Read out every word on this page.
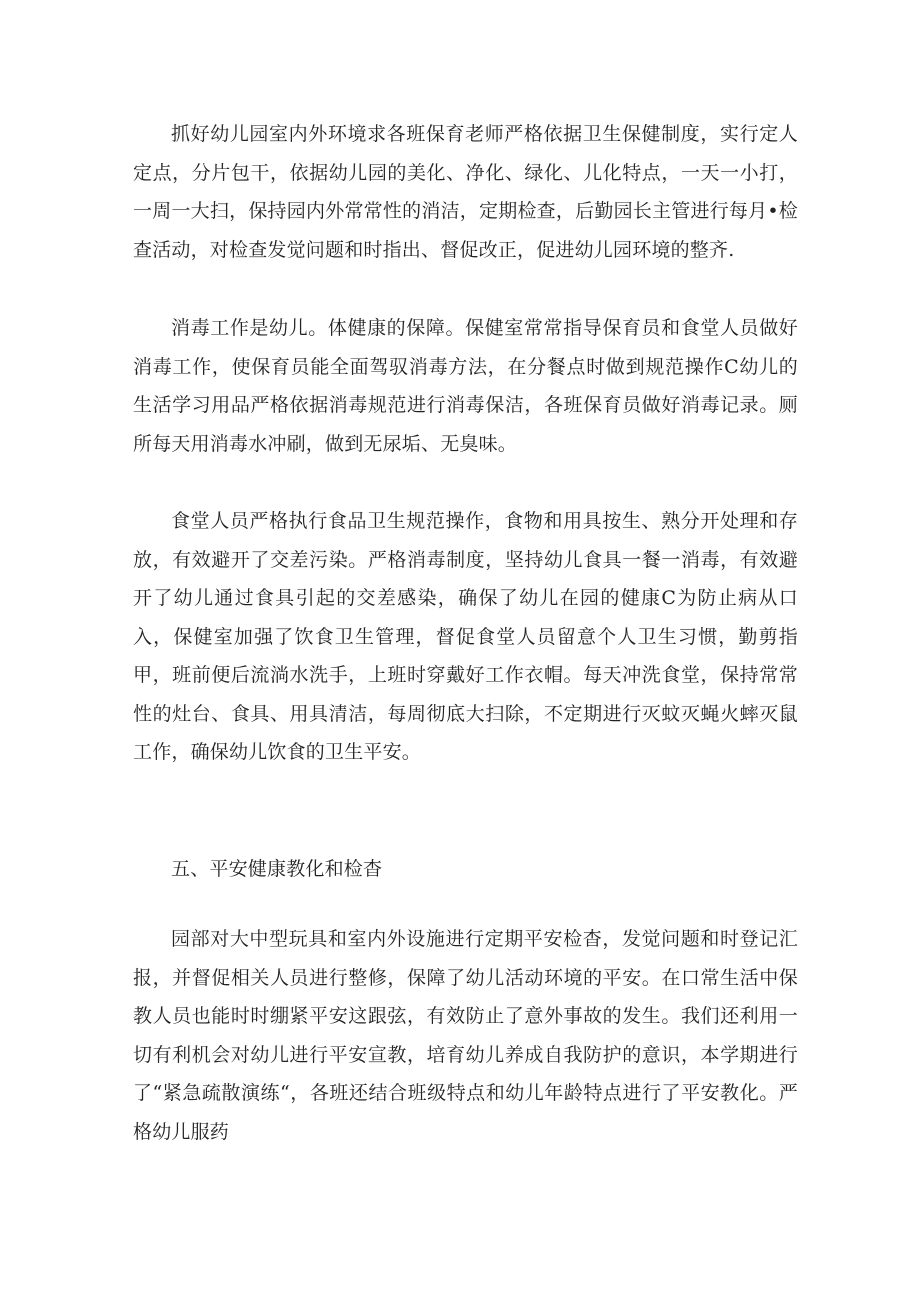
抓好幼儿园室内外环境求各班保育老师严格依据卫生保健制度，实行定人定点，分片包干，依据幼儿园的美化、净化、绿化、儿化特点，一天一小打，一周一大扫，保持园内外常常性的消洁，定期检查，后勤园长主管进行每月•检查活动，对检查发觉问题和时指出、督促改正，促进幼儿园环境的整齐.

消毒工作是幼儿。体健康的保障。保健室常常指导保育员和食堂人员做好消毒工作，使保育员能全面驾驭消毒方法，在分餐点时做到规范操作C幼儿的生活学习用品严格依据消毒规范进行消毒保洁，各班保育员做好消毒记录。厕所每天用消毒水冲刷，做到无尿垢、无臭味。

食堂人员严格执行食品卫生规范操作，食物和用具按生、熟分开处理和存放，有效避开了交差污染。严格消毒制度，坚持幼儿食具一餐一消毒，有效避开了幼儿通过食具引起的交差感染，确保了幼儿在园的健康C为防止病从口入，保健室加强了饮食卫生管理，督促食堂人员留意个人卫生习惯，勤剪指甲，班前便后流淌水洗手，上班时穿戴好工作衣帽。每天冲洗食堂，保持常常性的灶台、食具、用具清洁，每周彻底大扫除，不定期进行灭蚊灭蝇火蟀灭鼠工作，确保幼儿饮食的卫生平安。

五、平安健康教化和检杳

园部对大中型玩具和室内外设施进行定期平安检杳，发觉问题和时登记汇报，并督促相关人员进行整修，保障了幼儿活动环境的平安。在口常生活中保教人员也能时时绷紧平安这跟弦，有效防止了意外事故的发生。我们还利用一切有利机会对幼儿进行平安宣教，培育幼儿养成自我防护的意识，本学期进行了“紧急疏散演练“，各班还结合班级特点和幼儿年龄特点进行了平安教化。严格幼儿服药
